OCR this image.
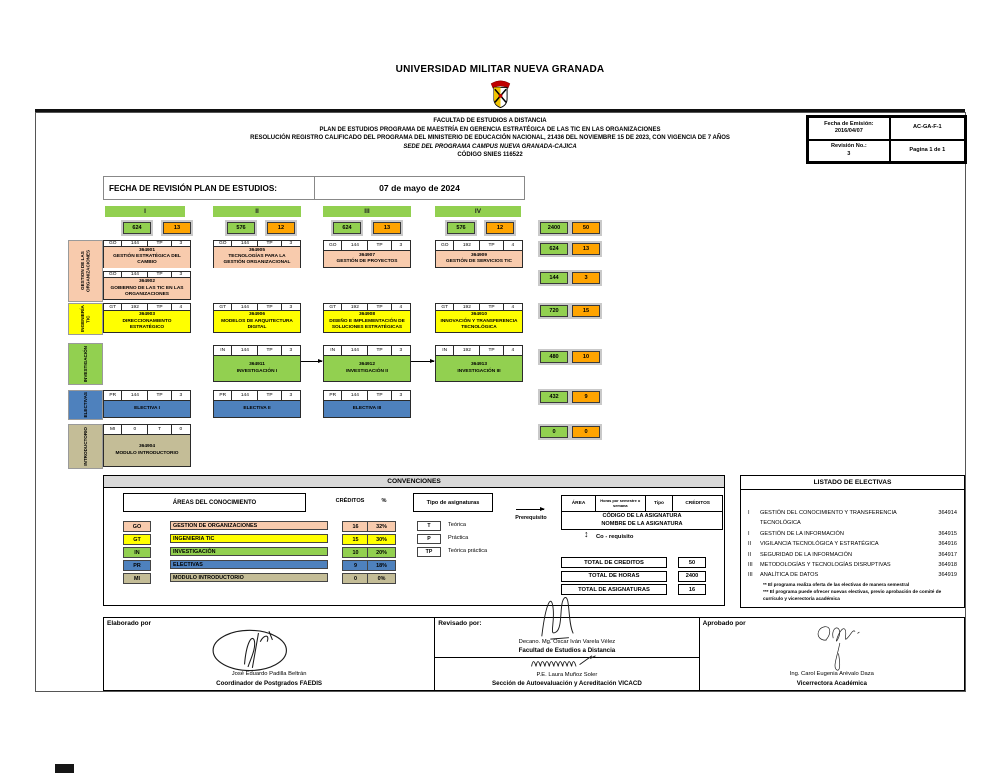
UNIVERSIDAD MILITAR NUEVA GRANADA
FACULTAD DE ESTUDIOS A DISTANCIA
PLAN DE ESTUDIOS PROGRAMA DE MAESTRÍA EN GERENCIA ESTRATÉGICA DE LAS TIC EN LAS ORGANIZACIONES
RESOLUCIÓN REGISTRO CALIFICADO DEL PROGRAMA DEL MINISTERIO DE EDUCACIÓN NACIONAL, 21436 DEL NOVIEMBRE 15 DE 2023, CON VIGENCIA DE 7 AÑOS
SEDE DEL PROGRAMA CAMPUS NUEVA GRANADA-CAJICA
CÓDIGO SNIES 116522
Fecha de Emisión:
2016/04/07
AC-GA-F-1
Revisión No.:
3
Pagina 1 de 1
FECHA DE REVISIÓN PLAN DE ESTUDIOS:	07 de mayo de 2024
I
624	13
II
576	12
III
624	13
IV
576	12	2400	50
624	13
144	3
720	15
480	10
432	9
0	0
GESTION DE LAS ORGANIZACIONES
INGENIERÍA TIC
INVESTIGACIÓN
ELECTIVAS
INTRODUCTORIO
GO	144	TP	3
364901
GESTIÓN ESTRATÉGICA DEL CAMBIO
GO	144	TP	3
364905
TECNOLOGÍAS PARA LA GESTIÓN ORGANIZACIONAL
GO	144	TP	3
364907
GESTIÓN DE PROYECTOS
GO	192	TP	4
364909
GESTIÓN DE SERVICIOS TIC
GO	144	TP	3
364902
GOBIERNO DE LAS TIC EN LAS ORGANIZACIONES
GT	192	TP	4
364903
DIRECCIONAMIENTO ESTRATÉGICO
GT	144	TP	3
364906
MODELOS DE ARQUITECTURA DIGITAL
GT	192	TP	4
364908
DISEÑO E IMPLEMENTACIÓN DE SOLUCIONES ESTRATÉGICAS
GT	192	TP	4
364910
INNOVACIÓN Y TRANSFERENCIA TECNOLÓGICA
IN	144	TP	3
364911
INVESTIGACIÓN I
IN	144	TP	3
364912
INVESTIGACIÓN II
IN	192	TP	4
364913
INVESTIGACIÓN III
PR	144	TP	3
ELECTIVA I
PR	144	TP	3
ELECTIVA II
PR	144	TP	3
ELECTIVA III
MI	0	T	0
364904
MODULO INTRODUCTORIO
CONVENCIONES
ÁREAS DEL CONOCIMIENTO	CRÉDITOS	%	Tipo de asignaturas
GO	GESTION DE ORGANIZACIONES	16	32%
GT	INGENIERIA TIC	15	30%
IN	INVESTIGACIÓN	10	20%
PR	ELECTIVAS	9	18%
MI	MODULO INTRODUCTORIO	0	0%
T	Teórica
P	Práctica
TP	Teórica práctica
Prerequisito
ÁREA
Horas por semestre o semana	Tipo	CRÉDITOS
CÓDIGO DE LA ASIGNATURA
NOMBRE DE LA ASIGNATURA
↕ Co - requisito
TOTAL DE CREDITOS	50
TOTAL DE HORAS	2400
TOTAL DE ASIGNATURAS	16
LISTADO DE ELECTIVAS
I	GESTIÓN DEL CONOCIMIENTO Y TRANSFERENCIA TECNOLÓGICA
364914
I	GESTIÓN DE LA INFORMACIÓN	364915
II	VIGILANCIA TECNOLÓGICA Y ESTRATÉGICA	364916
II	SEGURIDAD DE LA INFORMACIÓN	364917
III	METODOLOGÍAS Y TECNOLOGÍAS DISRUPTIVAS	364918
III	ANALÍTICA DE DATOS	364919
** El programa realiza oferta de las electivas de manera semestral
*** El programa puede ofrecer nuevas electivas, previo aprobación de comité de currículo y vicerectoría académica
Elaborado por
José Eduardo Padilla Beltrán
Coordinador de Postgrados FAEDIS
Revisado por:
Decano. Mg. Oscar Iván Varela Vélez
Facultad de Estudios a Distancia
P.E. Laura Muñoz Soler
Sección de Autoevaluación y Acreditación VICACD
Aprobado por
Ing. Carol Eugenia Arévalo Daza
Vicerrectora Académica
